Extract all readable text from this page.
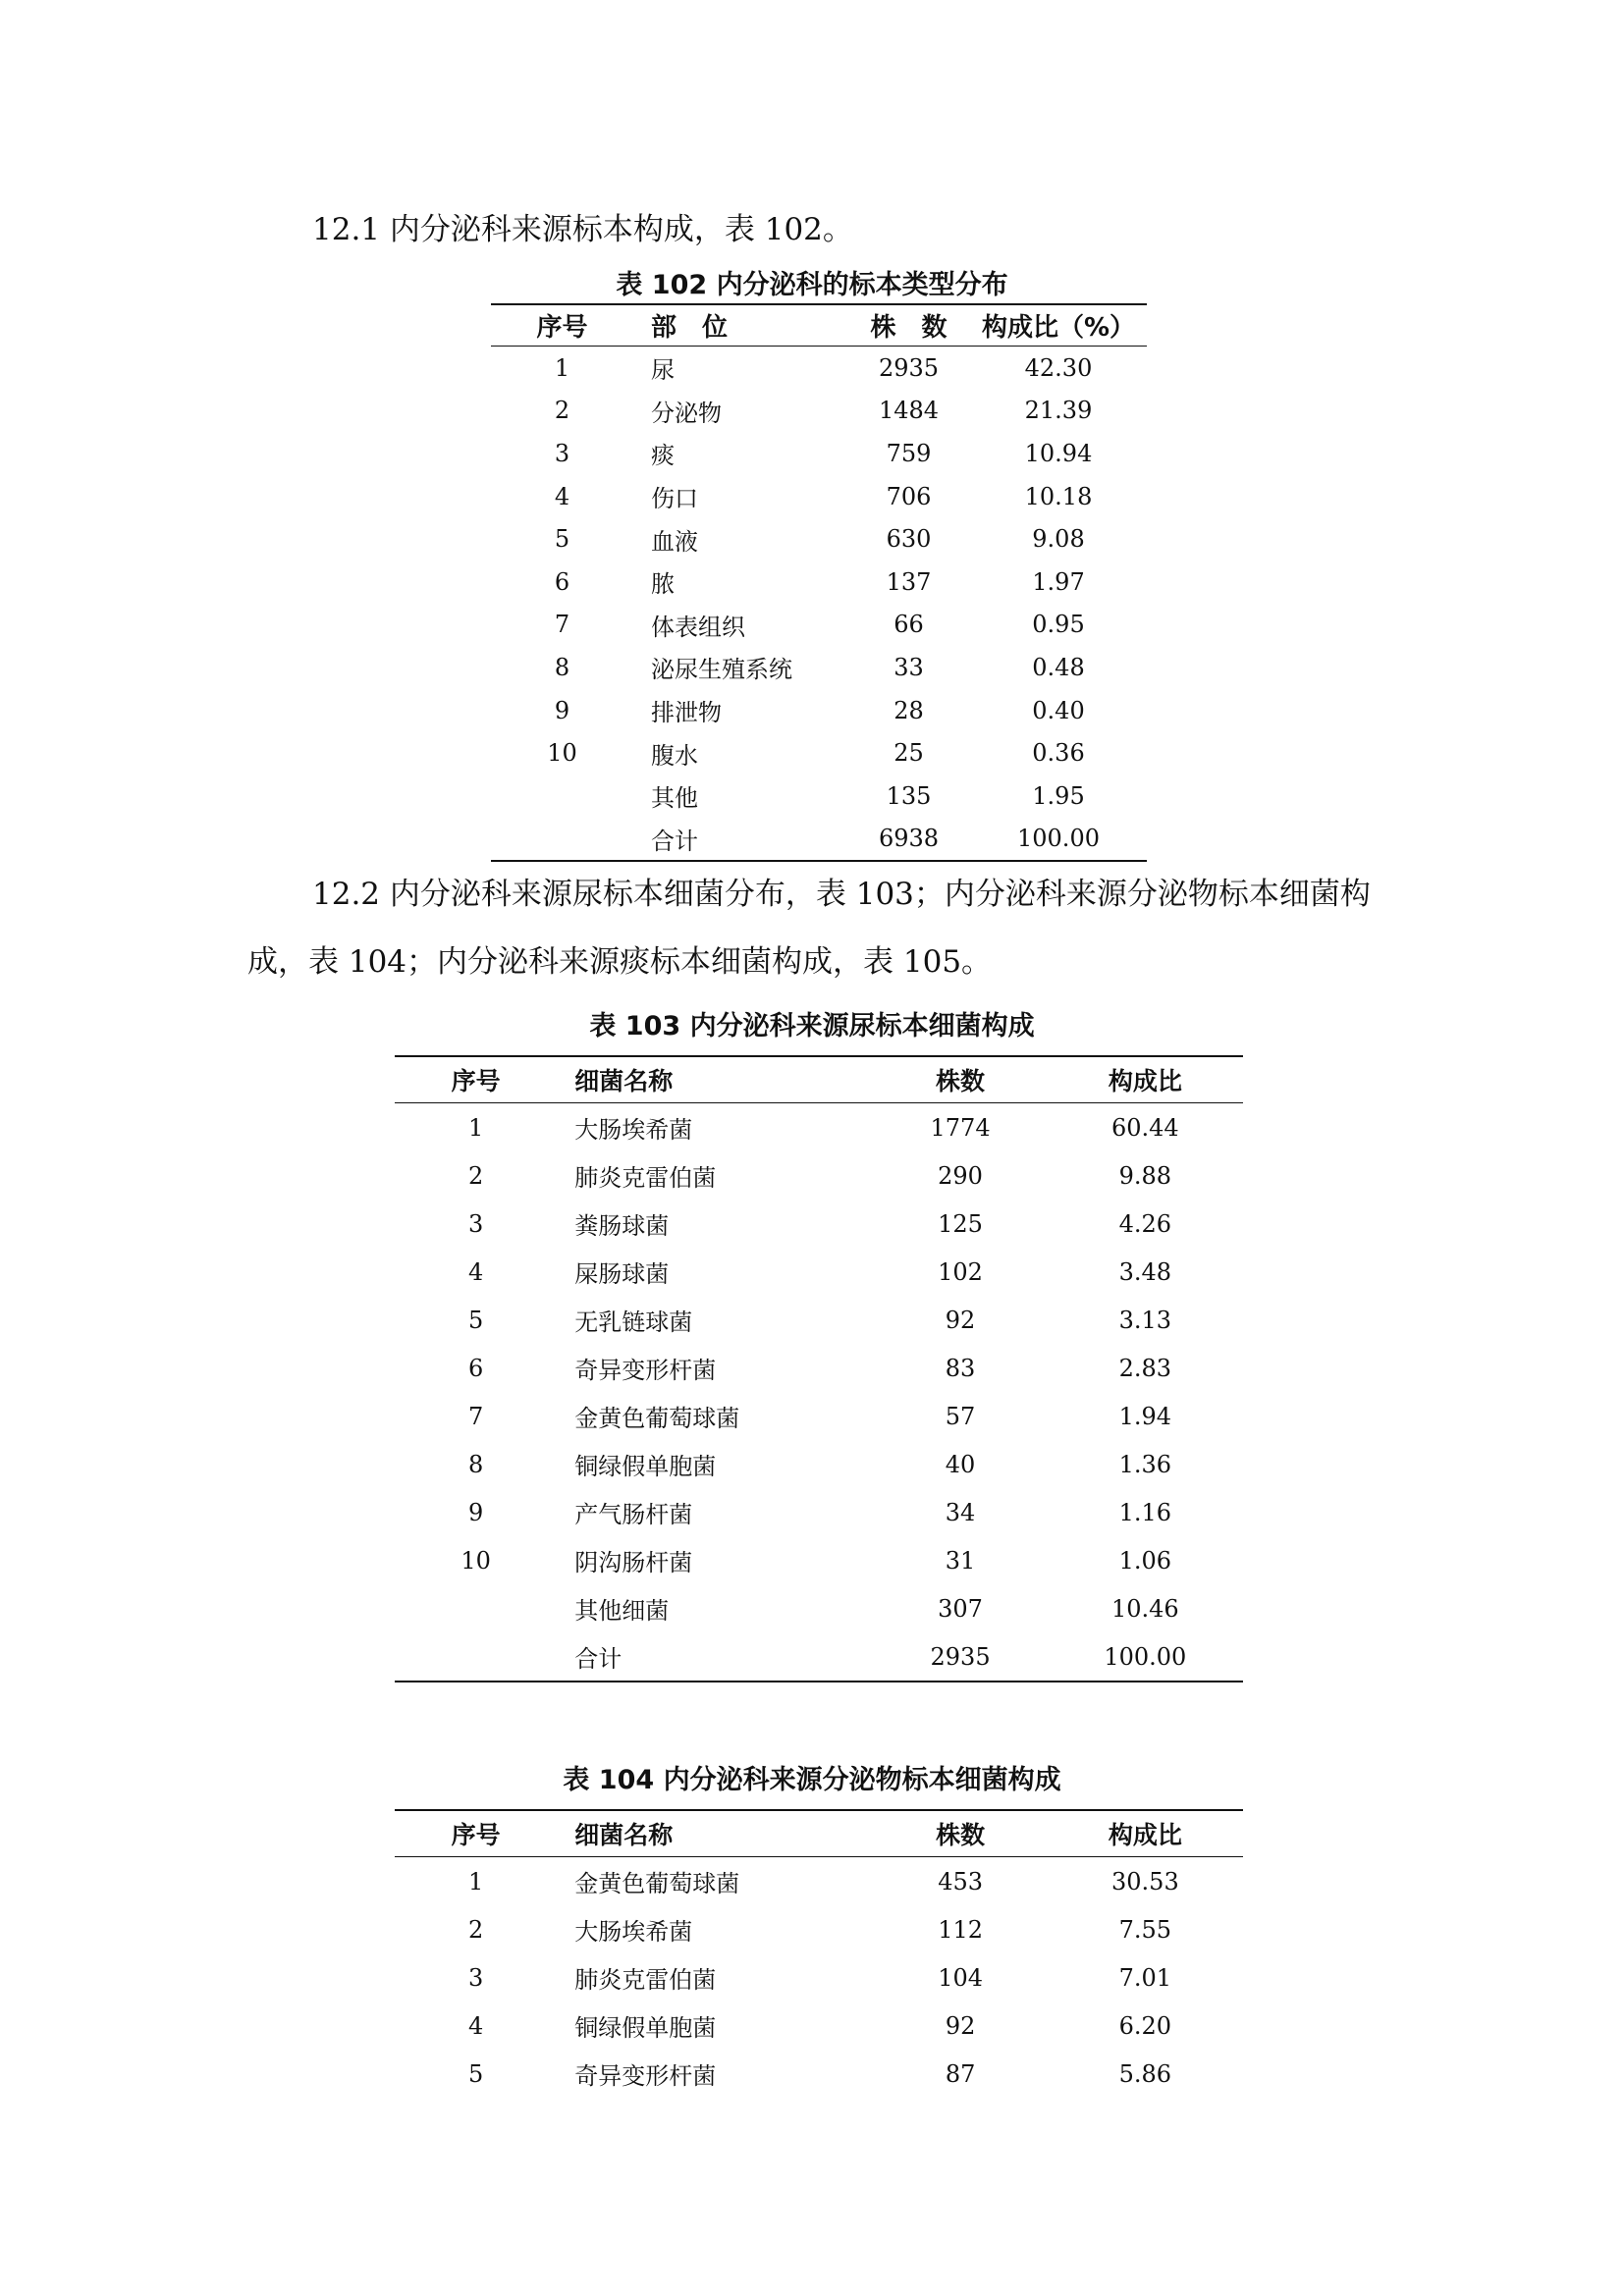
12.1 内分泌科来源标本构成，表 102。

表 102 内分泌科的标本类型分布

序号	部　位	株　数	构成比（%）
1	尿	2935	42.30
2	分泌物	1484	21.39
3	痰	759	10.94
4	伤口	706	10.18
5	血液	630	9.08
6	脓	137	1.97
7	体表组织	66	0.95
8	泌尿生殖系统	33	0.48
9	排泄物	28	0.40
10	腹水	25	0.36
	其他	135	1.95
	合计	6938	100.00

12.2 内分泌科来源尿标本细菌分布，表 103；内分泌科来源分泌物标本细菌构成，表 104；内分泌科来源痰标本细菌构成，表 105。

表 103 内分泌科来源尿标本细菌构成

序号	细菌名称	株数	构成比
1	大肠埃希菌	1774	60.44
2	肺炎克雷伯菌	290	9.88
3	粪肠球菌	125	4.26
4	屎肠球菌	102	3.48
5	无乳链球菌	92	3.13
6	奇异变形杆菌	83	2.83
7	金黄色葡萄球菌	57	1.94
8	铜绿假单胞菌	40	1.36
9	产气肠杆菌	34	1.16
10	阴沟肠杆菌	31	1.06
	其他细菌	307	10.46
	合计	2935	100.00

表 104 内分泌科来源分泌物标本细菌构成

序号	细菌名称	株数	构成比
1	金黄色葡萄球菌	453	30.53
2	大肠埃希菌	112	7.55
3	肺炎克雷伯菌	104	7.01
4	铜绿假单胞菌	92	6.20
5	奇异变形杆菌	87	5.86
